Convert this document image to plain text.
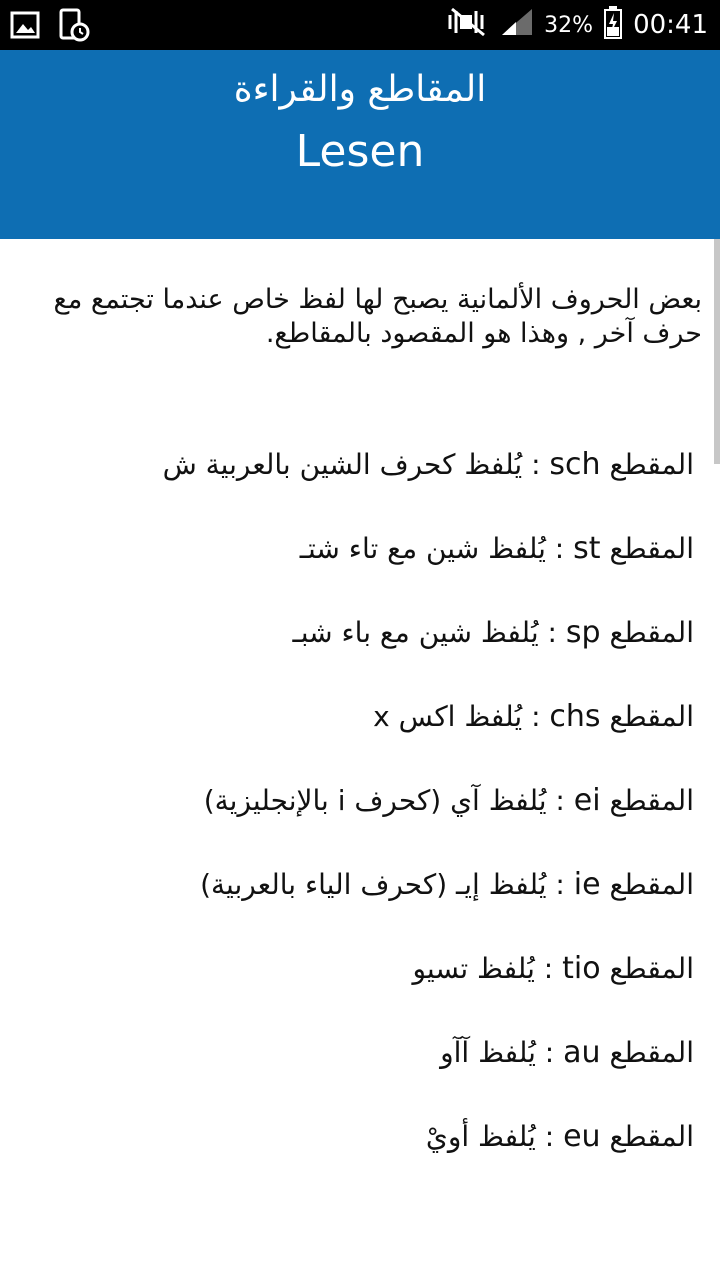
32% 00:41
المقاطع والقراءة
Lesen
بعض الحروف الألمانية يصبح لها لفظ خاص عندما تجتمع مع حرف آخر , وهذا هو المقصود بالمقاطع.
المقطع sch : يُلفظ كحرف الشين بالعربية ش
المقطع st : يُلفظ شين مع تاء شتـ
المقطع sp : يُلفظ شين مع باء شبـ
المقطع chs : يُلفظ اكس x
المقطع ei : يُلفظ آي (كحرف i بالإنجليزية)
المقطع ie : يُلفظ إيـ (كحرف الياء بالعربية)
المقطع tio : يُلفظ تسيو
المقطع au : يُلفظ آآو
المقطع eu : يُلفظ أويْ
